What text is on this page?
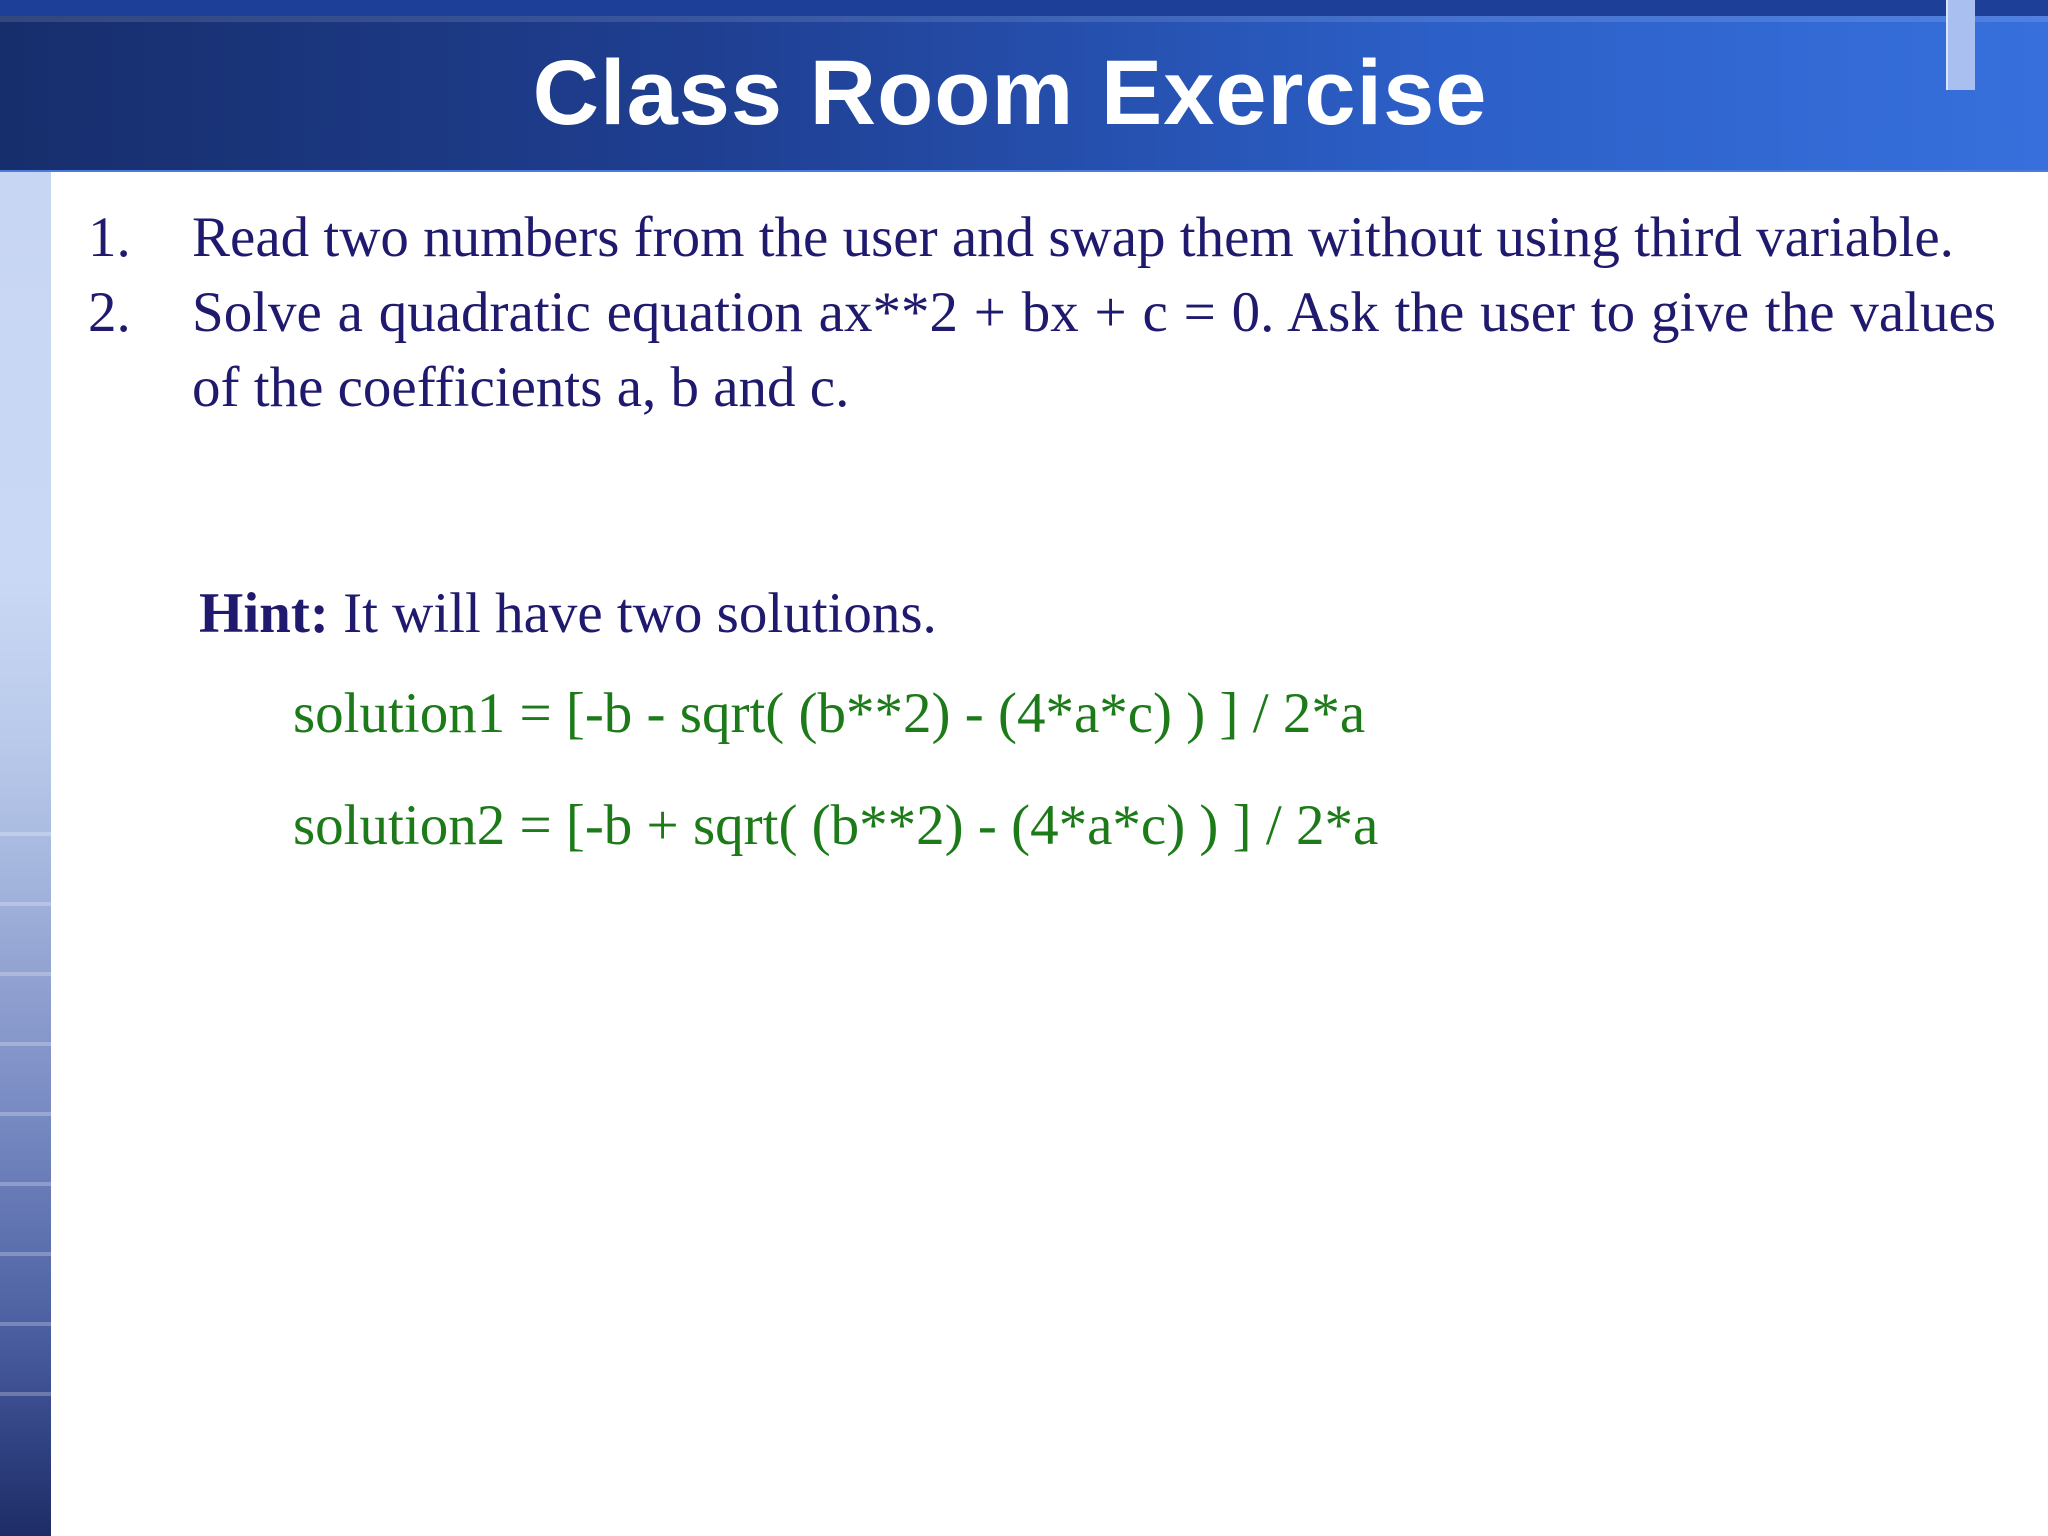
Class Room Exercise
1. Read two numbers from the user and swap them without using third variable.
2. Solve a quadratic equation ax**2 + bx + c = 0. Ask the user to give the values of the coefficients a, b and c.
Hint: It will have two solutions.
solution1 = [-b - sqrt( (b**2) - (4*a*c) ) ] / 2*a
solution2 = [-b + sqrt( (b**2) - (4*a*c) ) ] / 2*a
